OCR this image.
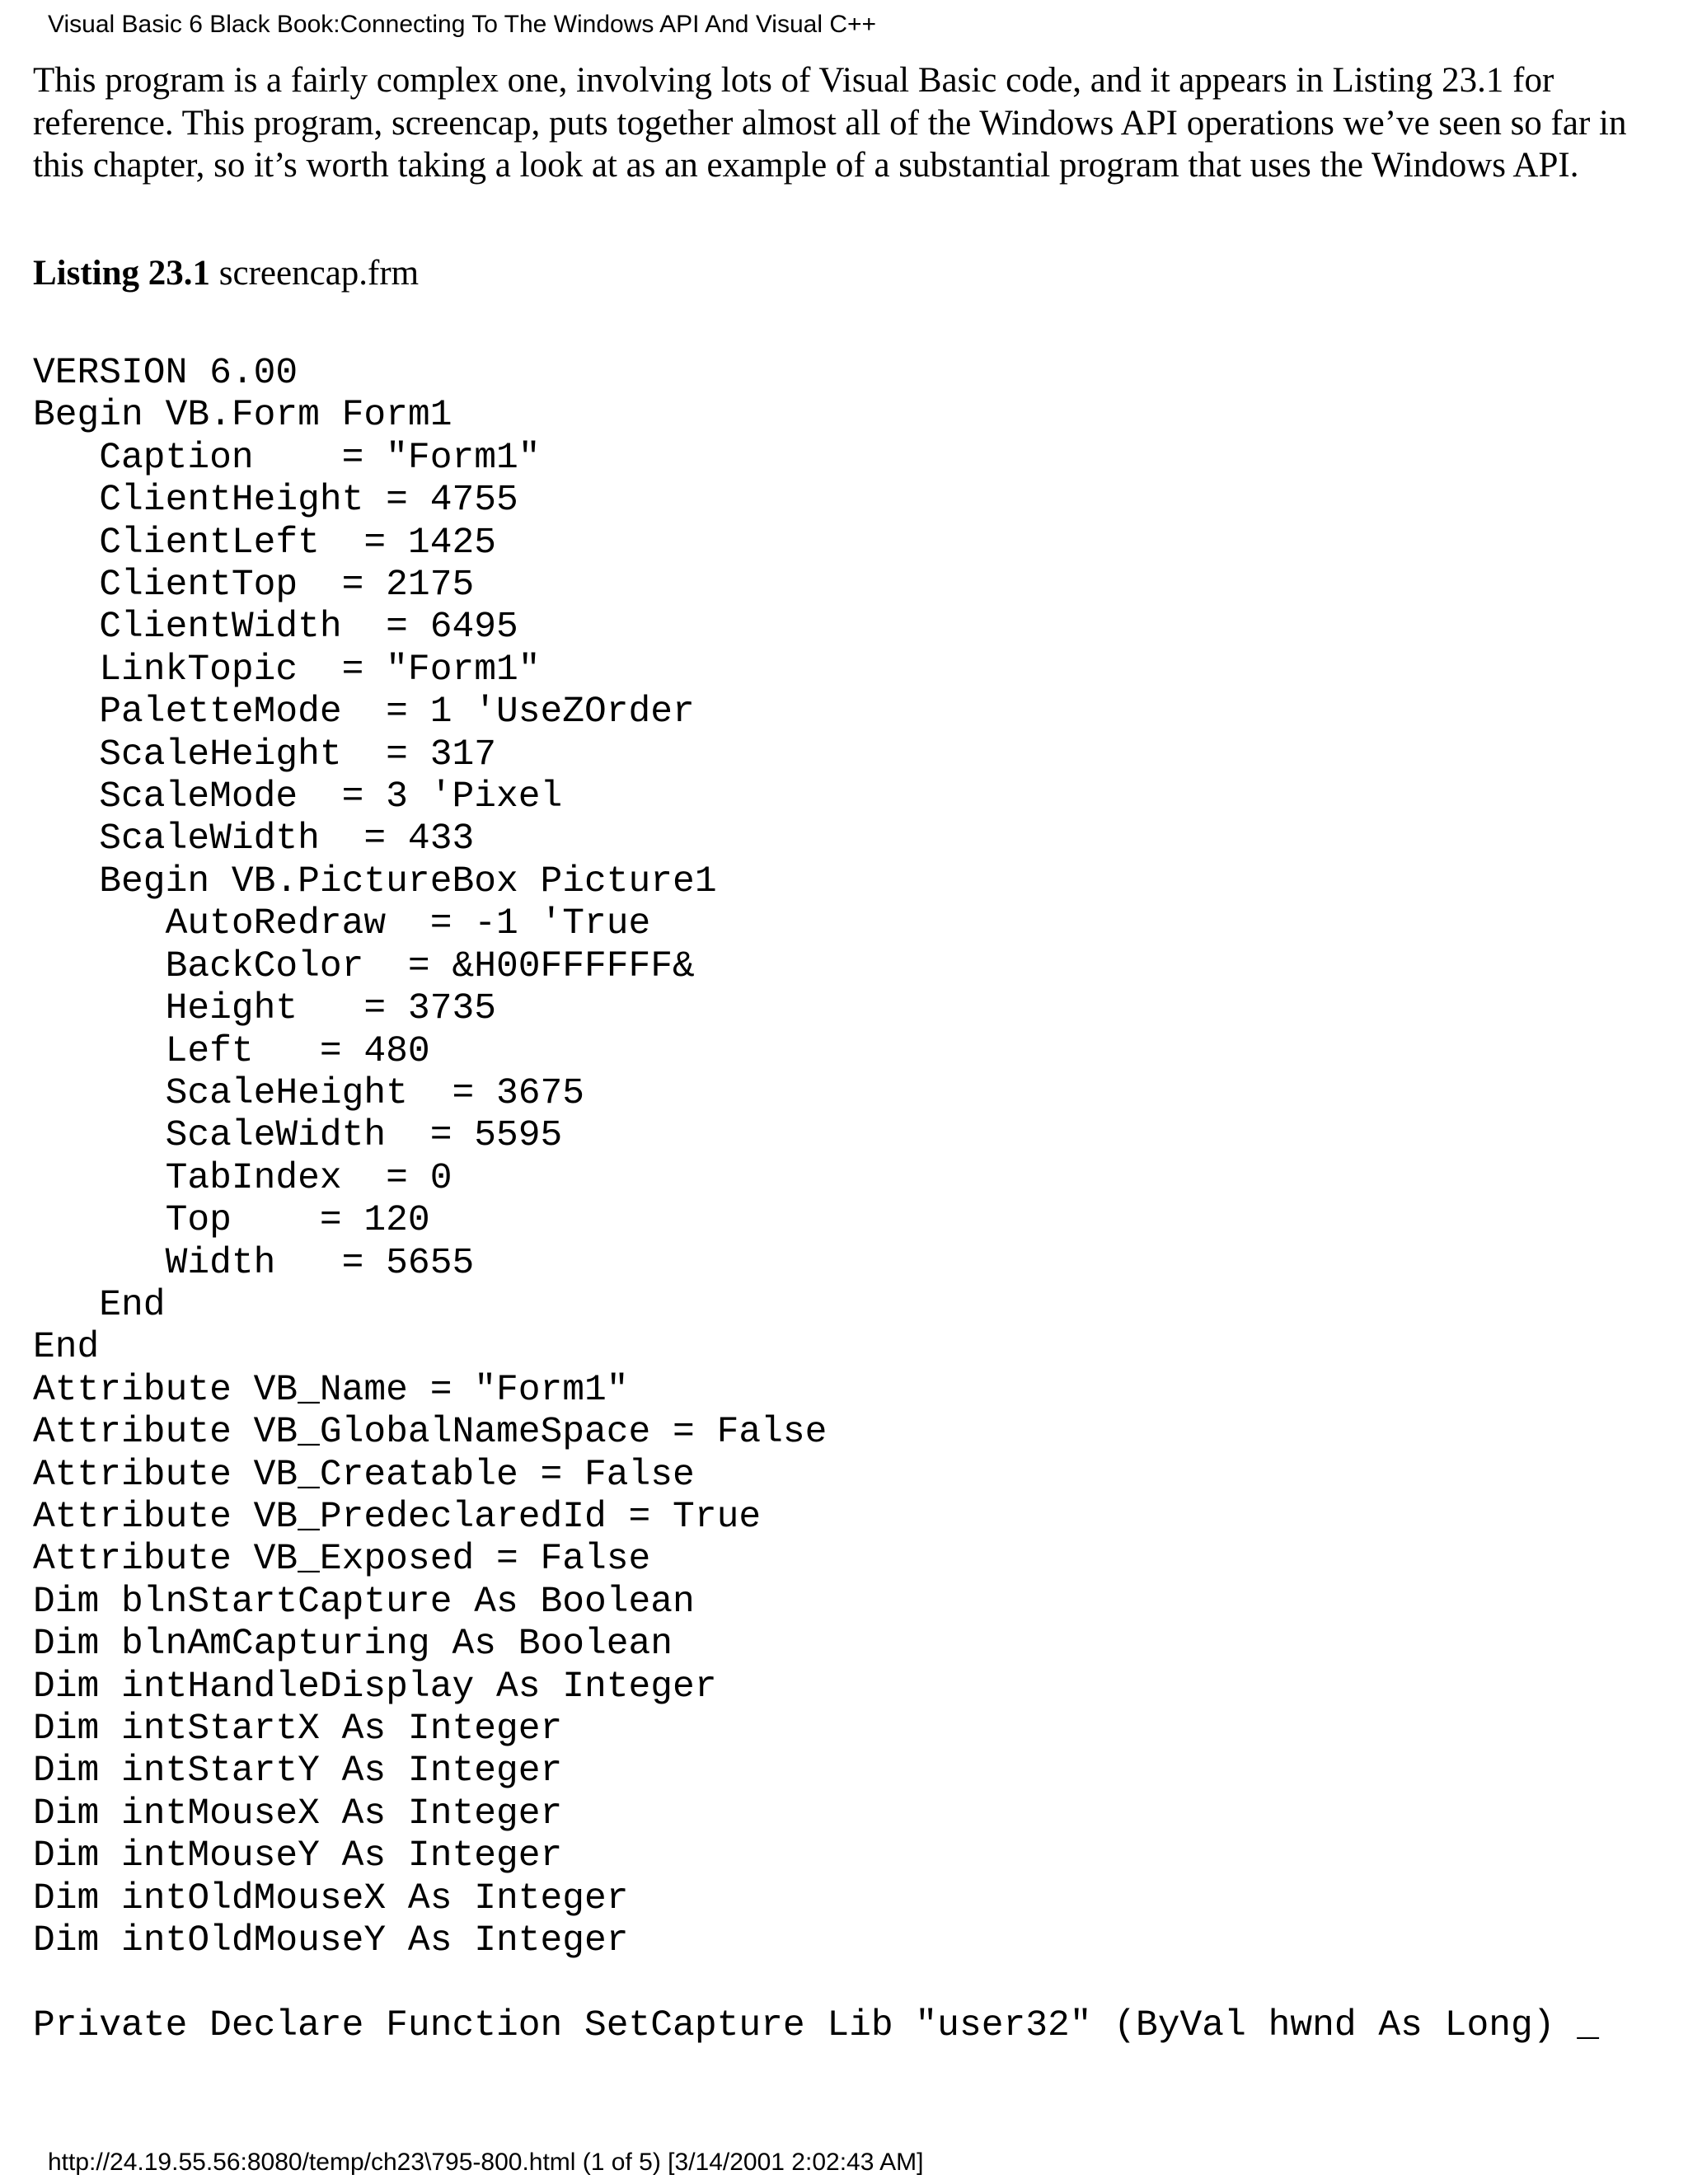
Visual Basic 6 Black Book:Connecting To The Windows API And Visual C++

This program is a fairly complex one, involving lots of Visual Basic code, and it appears in Listing 23.1 for reference. This program, screencap, puts together almost all of the Windows API operations we’ve seen so far in this chapter, so it’s worth taking a look at as an example of a substantial program that uses the Windows API.

Listing 23.1 screencap.frm

VERSION 6.00
Begin VB.Form Form1
Caption    = "Form1"
ClientHeight = 4755
ClientLeft  = 1425
ClientTop  = 2175
ClientWidth  = 6495
LinkTopic  = "Form1"
PaletteMode  = 1 'UseZOrder
ScaleHeight  = 317
ScaleMode  = 3 'Pixel
ScaleWidth  = 433
Begin VB.PictureBox Picture1
AutoRedraw  = -1 'True
BackColor  = &H00FFFFFF&
Height   = 3735
Left   = 480
ScaleHeight  = 3675
ScaleWidth  = 5595
TabIndex  = 0
Top    = 120
Width   = 5655
End
End
Attribute VB_Name = "Form1"
Attribute VB_GlobalNameSpace = False
Attribute VB_Creatable = False
Attribute VB_PredeclaredId = True
Attribute VB_Exposed = False
Dim blnStartCapture As Boolean
Dim blnAmCapturing As Boolean
Dim intHandleDisplay As Integer
Dim intStartX As Integer
Dim intStartY As Integer
Dim intMouseX As Integer
Dim intMouseY As Integer
Dim intOldMouseX As Integer
Dim intOldMouseY As Integer

Private Declare Function SetCapture Lib "user32" (ByVal hwnd As Long) _
http://24.19.55.56:8080/temp/ch23\795-800.html (1 of 5) [3/14/2001 2:02:43 AM]
